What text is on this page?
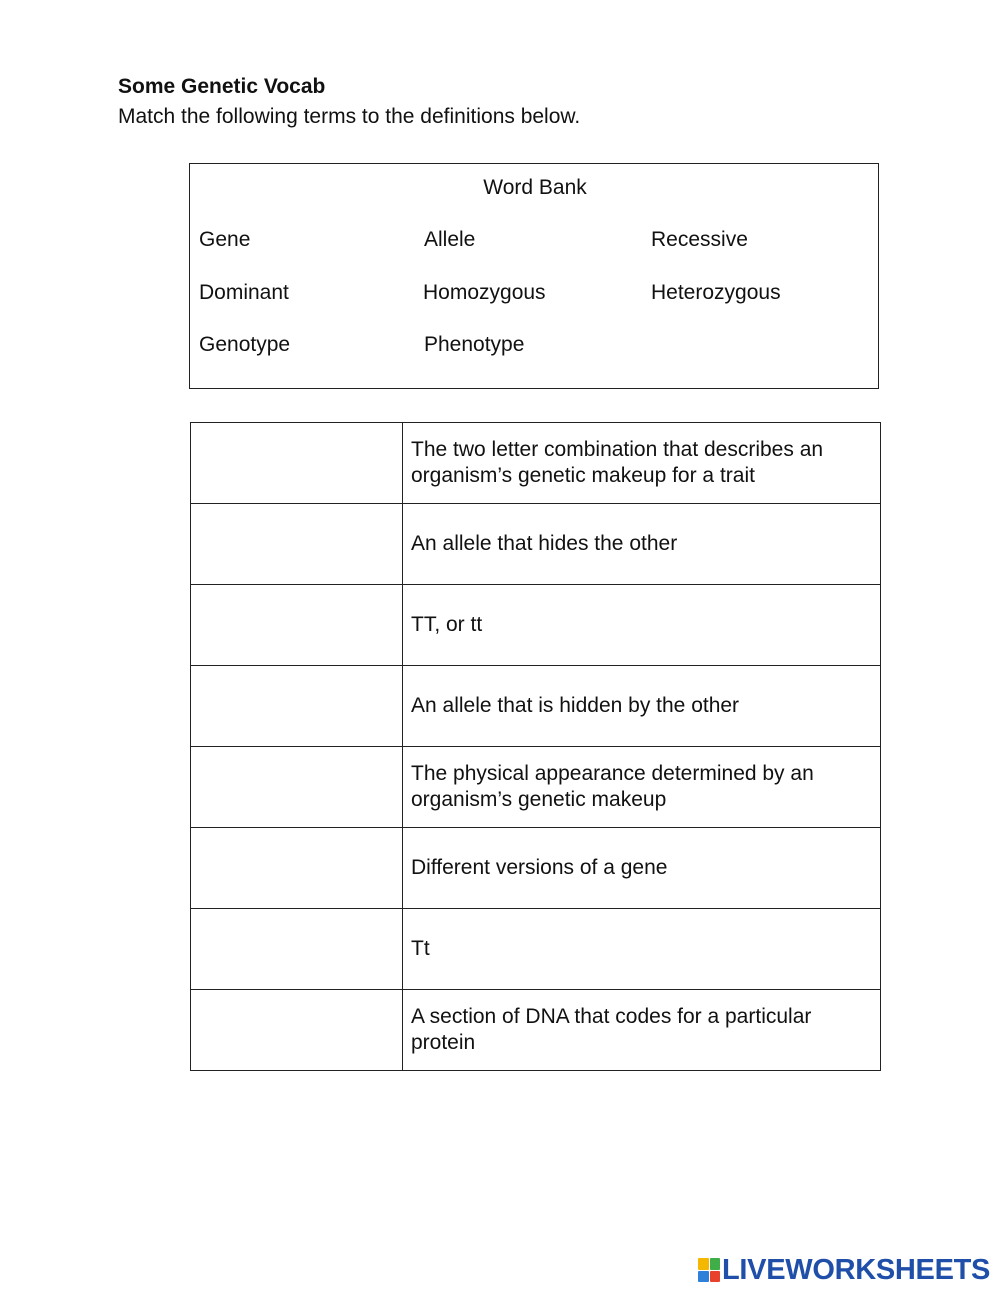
Some Genetic Vocab
Match the following terms to the definitions below.
Word Bank
Gene	Allele	Recessive
Dominant	Homozygous	Heterozygous
Genotype	Phenotype
	The two letter combination that describes an organism’s genetic makeup for a trait
	An allele that hides the other
	TT, or tt
	An allele that is hidden by the other
	The physical appearance determined by an organism’s genetic makeup
	Different versions of a gene
	Tt
	A section of DNA that codes for a particular protein
LIVEWORKSHEETS
